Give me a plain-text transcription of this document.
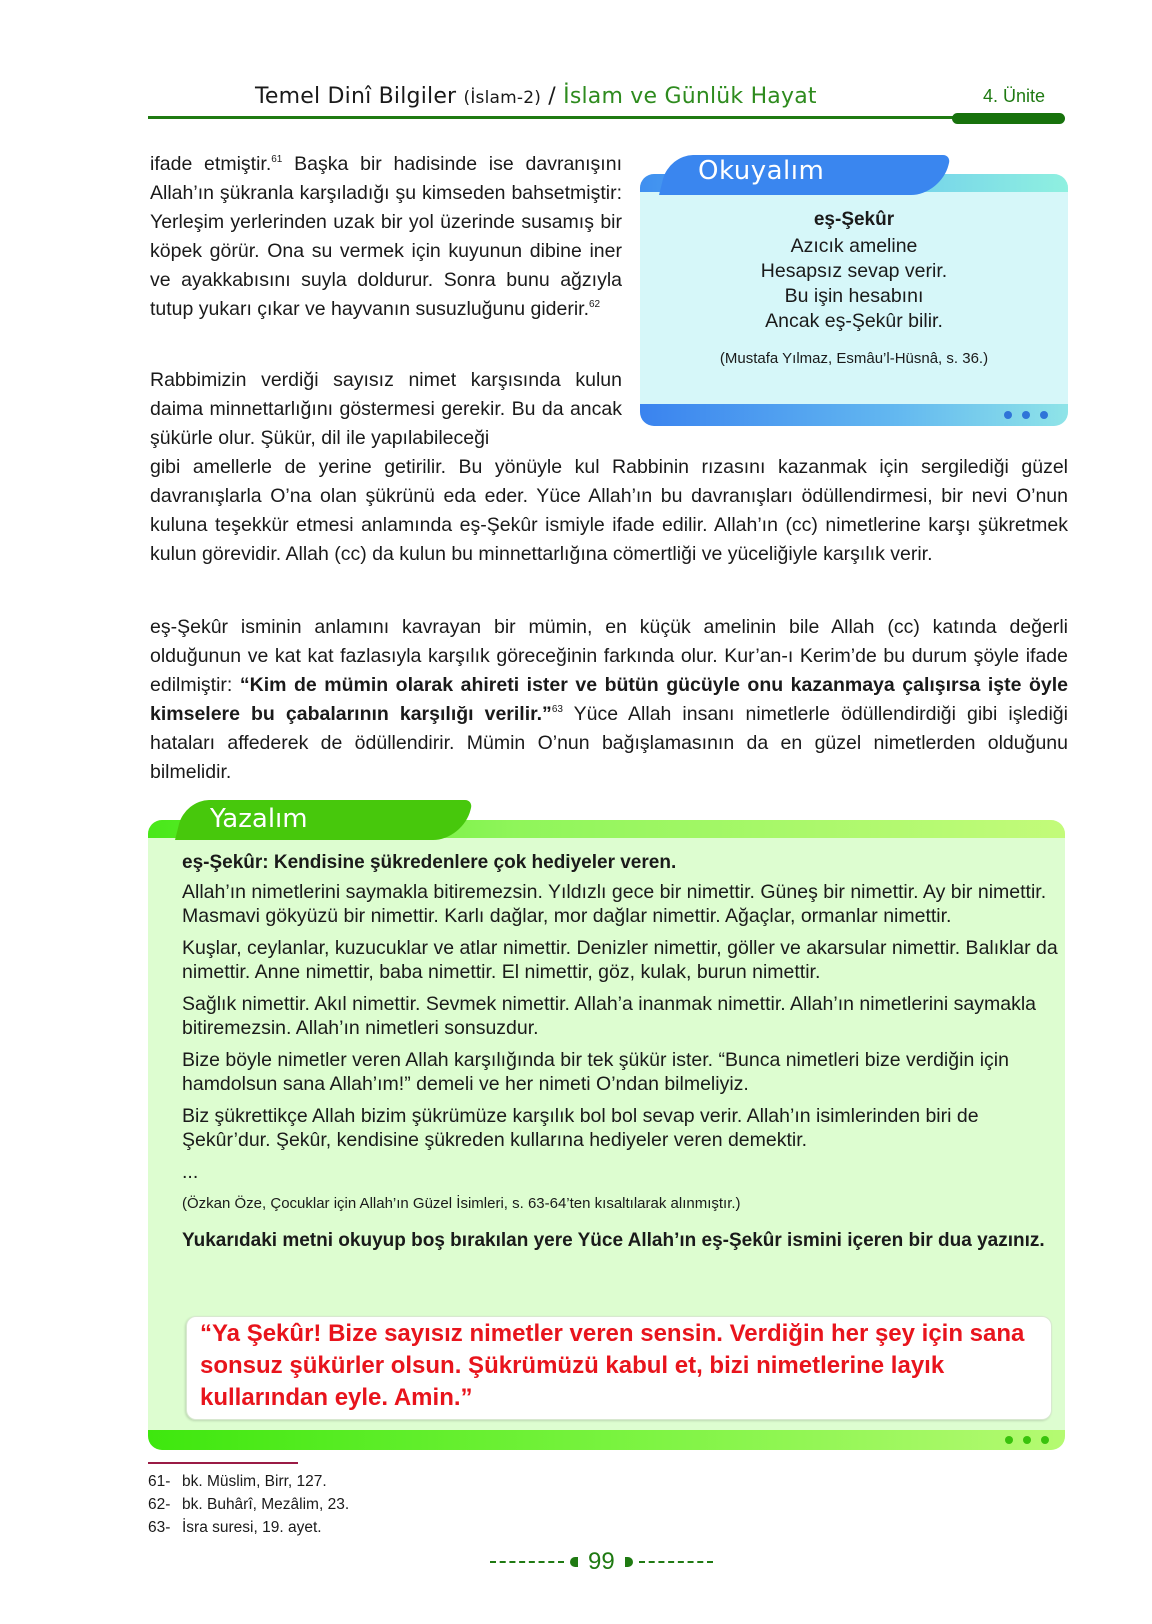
Temel Dinî Bilgiler (İslam-2) / İslam ve Günlük Hayat	4. Ünite
ifade etmiştir.$^{61}$ Başka bir hadisinde ise davranışını Allah’ın şükranla karşıladığı şu kimseden bahsetmiştir: Yerleşim yerlerinden uzak bir yol üzerinde susamış bir köpek görür. Ona su vermek için kuyunun dibine iner ve ayakkabısını suyla doldurur. Sonra bunu ağzıyla tutup yukarı çıkar ve hayvanın susuzluğunu giderir.$^{62}$
Rabbimizin verdiği sayısız nimet karşısında kulun daima minnettarlığını göstermesi gerekir. Bu da ancak şükürle olur. Şükür, dil ile yapılabileceği
gibi amellerle de yerine getirilir. Bu yönüyle kul Rabbinin rızasını kazanmak için sergilediği güzel davranışlarla O’na olan şükrünü eda eder. Yüce Allah’ın bu davranışları ödüllendirmesi, bir nevi O’nun kuluna teşekkür etmesi anlamında eş-Şekûr ismiyle ifade edilir. Allah’ın (cc) nimetlerine karşı şükretmek kulun görevidir. Allah (cc) da kulun bu minnettarlığına cömertliği ve yüceliğiyle karşılık verir.
eş-Şekûr isminin anlamını kavrayan bir mümin, en küçük amelinin bile Allah (cc) katında değerli olduğunun ve kat kat fazlasıyla karşılık göreceğinin farkında olur. Kur’an-ı Kerim’de bu durum şöyle ifade edilmiştir: “Kim de mümin olarak ahireti ister ve bütün gücüyle onu kazanmaya çalışırsa işte öyle kimselere bu çabalarının karşılığı verilir.”$^{63}$ Yüce Allah insanı nimetlerle ödüllendirdiği gibi işlediği hataları affederek de ödüllendirir. Mümin O’nun bağışlamasının da en güzel nimetlerden olduğunu bilmelidir.
Okuyalım
eş-Şekûr
Azıcık ameline
Hesapsız sevap verir.
Bu işin hesabını
Ancak eş-Şekûr bilir.
(Mustafa Yılmaz, Esmâu’l-Hüsnâ, s. 36.)
Yazalım
eş-Şekûr: Kendisine şükredenlere çok hediyeler veren.
Allah’ın nimetlerini saymakla bitiremezsin. Yıldızlı gece bir nimettir. Güneş bir nimettir. Ay bir nimettir. Masmavi gökyüzü bir nimettir. Karlı dağlar, mor dağlar nimettir. Ağaçlar, ormanlar nimettir.
Kuşlar, ceylanlar, kuzucuklar ve atlar nimettir. Denizler nimettir, göller ve akarsular nimettir. Balıklar da nimettir. Anne nimettir, baba nimettir. El nimettir, göz, kulak, burun nimettir.
Sağlık nimettir. Akıl nimettir. Sevmek nimettir. Allah’a inanmak nimettir. Allah’ın nimetlerini saymakla bitiremezsin. Allah’ın nimetleri sonsuzdur.
Bize böyle nimetler veren Allah karşılığında bir tek şükür ister. “Bunca nimetleri bize verdiğin için hamdolsun sana Allah’ım!” demeli ve her nimeti O’ndan bilmeliyiz.
Biz şükrettikçe Allah bizim şükrümüze karşılık bol bol sevap verir. Allah’ın isimlerinden biri de Şekûr’dur. Şekûr, kendisine şükreden kullarına hediyeler veren demektir.
...
(Özkan Öze, Çocuklar için Allah’ın Güzel İsimleri, s. 63-64’ten kısaltılarak alınmıştır.)
Yukarıdaki metni okuyup boş bırakılan yere Yüce Allah’ın eş-Şekûr ismini içeren bir dua yazınız.
“Ya Şekûr! Bize sayısız nimetler veren sensin. Verdiğin her şey için sana sonsuz şükürler olsun. Şükrümüzü kabul et, bizi nimetlerine layık kullarından eyle. Amin.”
61- bk. Müslim, Birr, 127.
62- bk. Buhârî, Mezâlim, 23.
63- İsra suresi, 19. ayet.
99
